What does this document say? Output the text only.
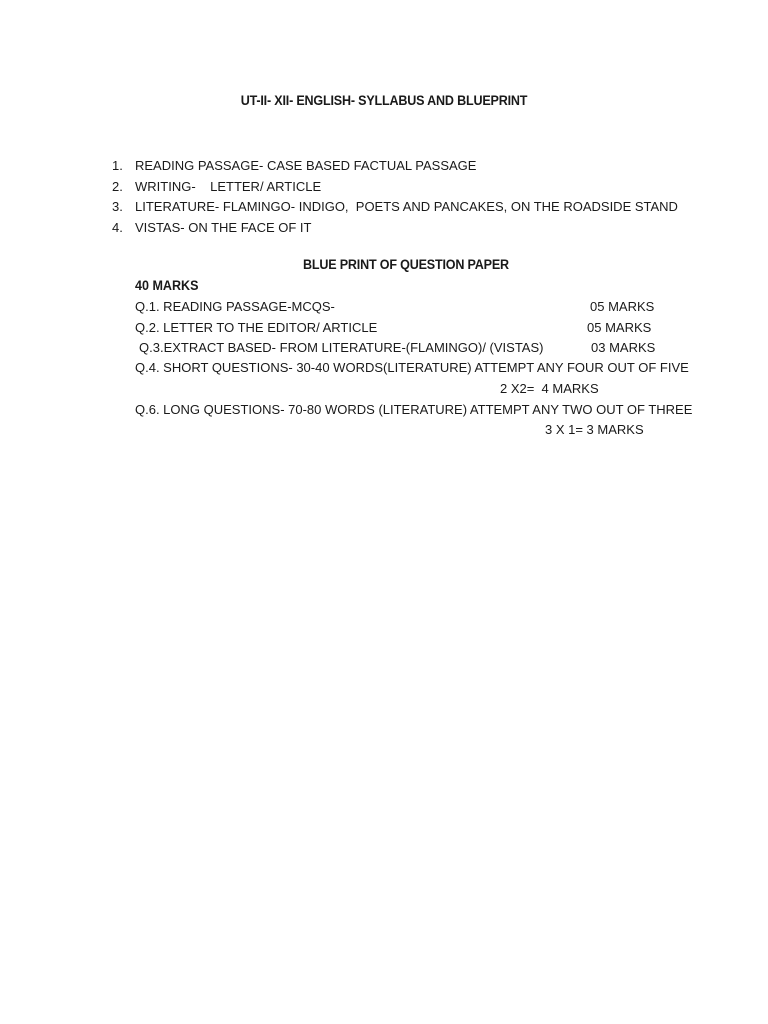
UT-II- XII- ENGLISH- SYLLABUS AND BLUEPRINT
1. READING PASSAGE- CASE BASED FACTUAL PASSAGE
2. WRITING-    LETTER/ ARTICLE
3. LITERATURE- FLAMINGO- INDIGO,  POETS AND PANCAKES, ON THE ROADSIDE STAND
4. VISTAS- ON THE FACE OF IT
BLUE PRINT OF QUESTION PAPER
40 MARKS
Q.1. READING PASSAGE-MCQS-	05 MARKS
Q.2. LETTER TO THE EDITOR/ ARTICLE	05 MARKS
Q.3.EXTRACT BASED- FROM LITERATURE-(FLAMINGO)/ (VISTAS)	03 MARKS
Q.4. SHORT QUESTIONS- 30-40 WORDS(LITERATURE) ATTEMPT ANY FOUR OUT OF FIVE
2 X2=  4 MARKS
Q.6. LONG QUESTIONS- 70-80 WORDS (LITERATURE) ATTEMPT ANY TWO OUT OF THREE
3 X 1= 3 MARKS
